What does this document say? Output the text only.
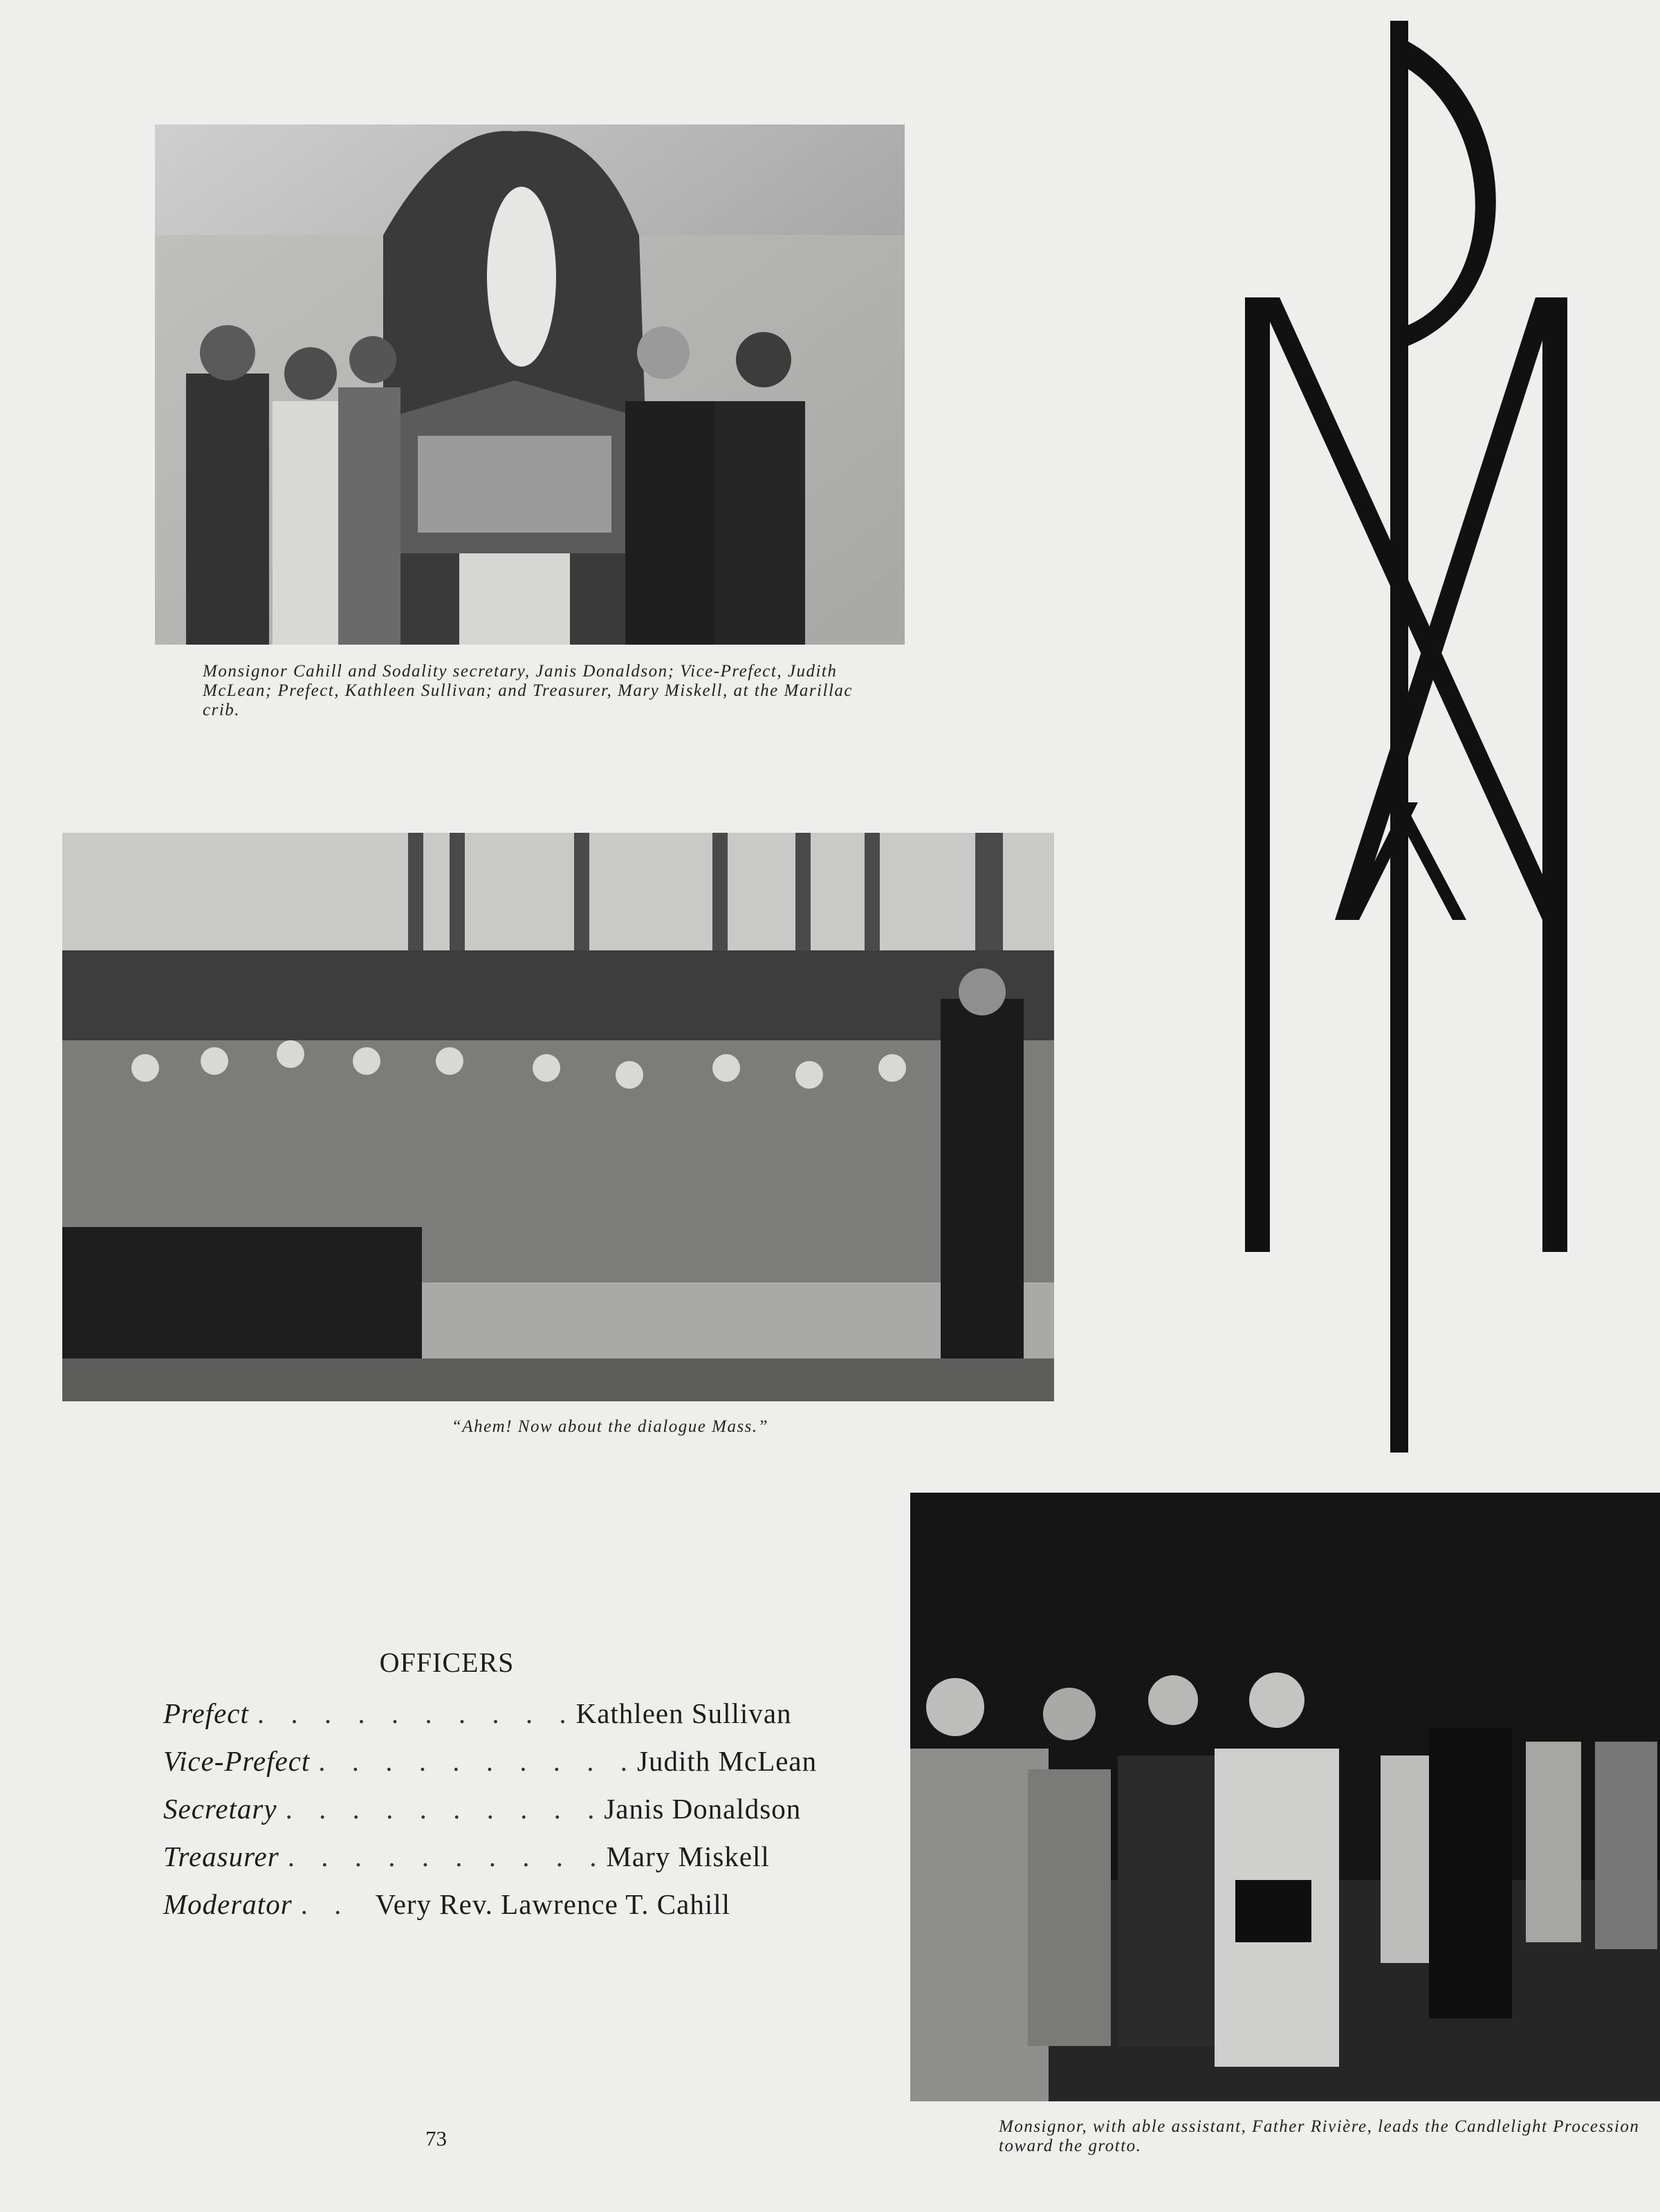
Monsignor Cahill and Sodality secretary, Janis Donaldson; Vice-Prefect, Judith McLean; Prefect, Kathleen Sullivan; and Treasurer, Mary Miskell, at the Marillac crib.

“Ahem! Now about the dialogue Mass.”

OFFICERS
Prefect . . . . . . . . . . Kathleen Sullivan
Vice-Prefect . . . . . . . . . . Judith McLean
Secretary . . . . . . . . . . Janis Donaldson
Treasurer . . . . . . . . . . Mary Miskell
Moderator . . Very Rev. Lawrence T. Cahill

Monsignor, with able assistant, Father Rivière, leads the Candlelight Procession toward the grotto.

73
